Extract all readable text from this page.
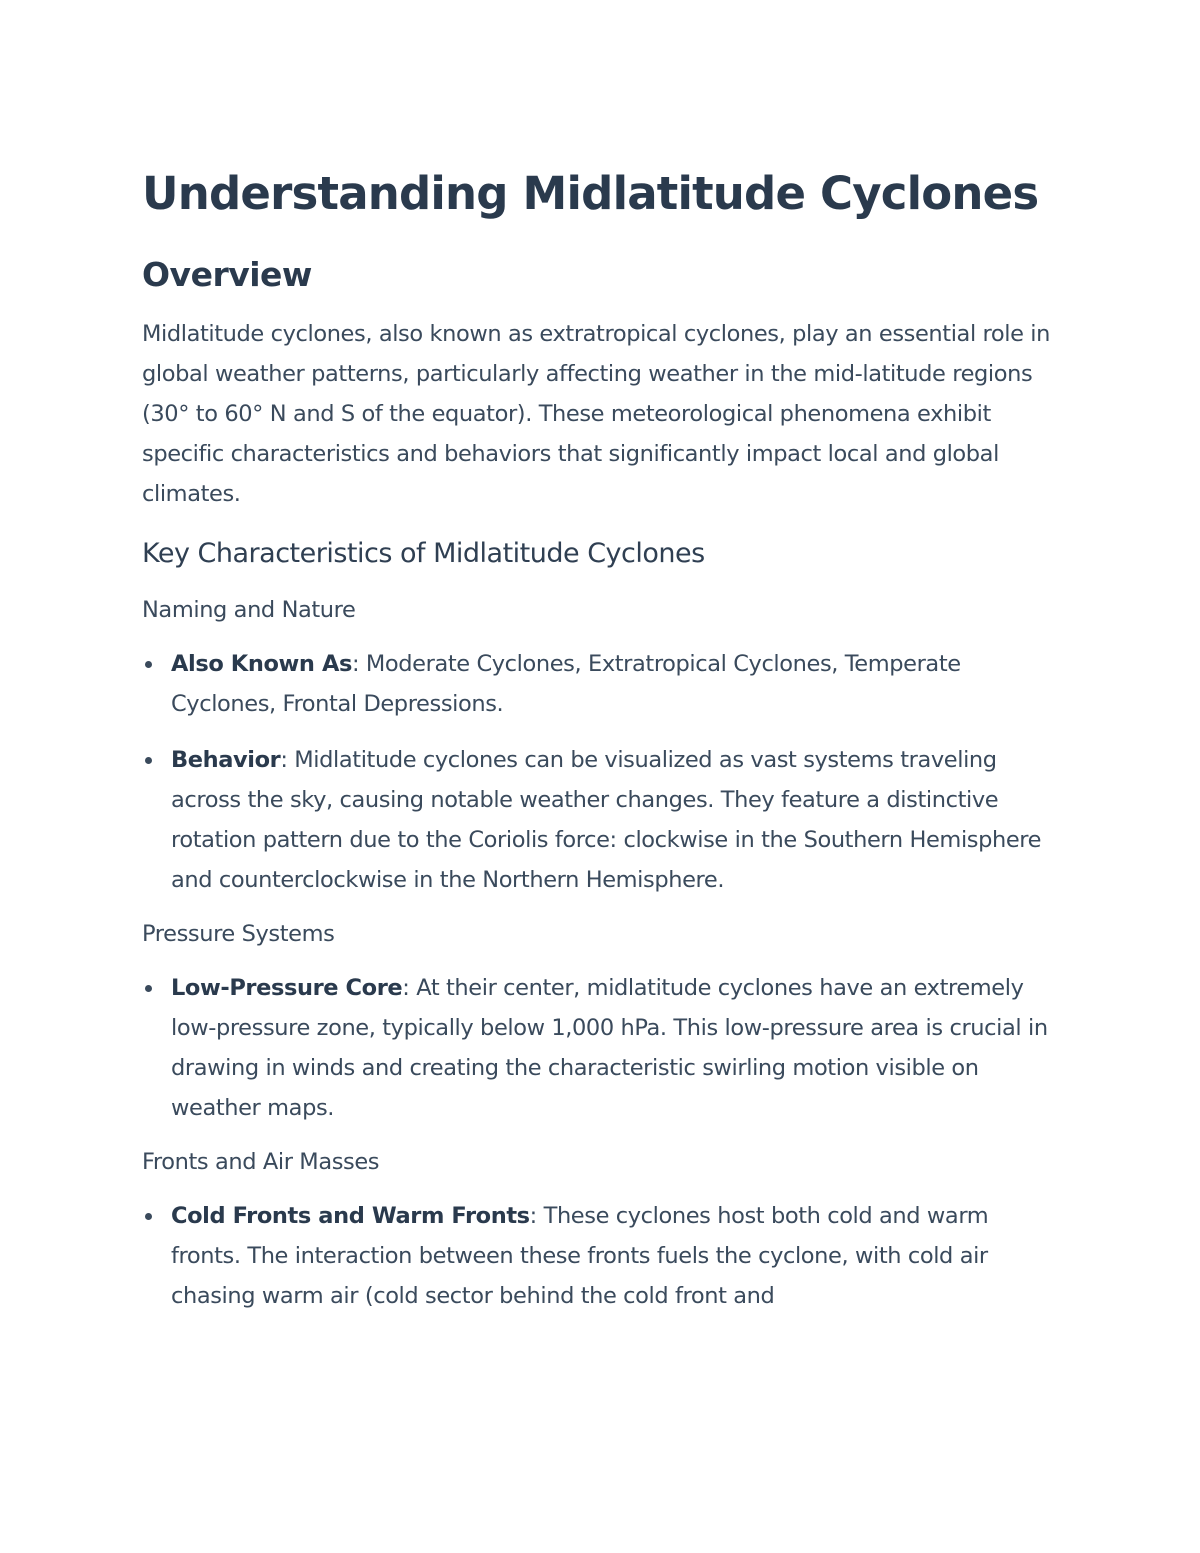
Understanding Midlatitude Cyclones
Overview

Midlatitude cyclones, also known as extratropical cyclones, play an essential role in global weather patterns, particularly affecting weather in the mid-latitude regions (30° to 60° N and S of the equator). These meteorological phenomena exhibit specific characteristics and behaviors that significantly impact local and global climates.

Key Characteristics of Midlatitude Cyclones
Naming and Nature
Also Known As: Moderate Cyclones, Extratropical Cyclones, Temperate Cyclones, Frontal Depressions.
Behavior: Midlatitude cyclones can be visualized as vast systems traveling across the sky, causing notable weather changes. They feature a distinctive rotation pattern due to the Coriolis force: clockwise in the Southern Hemisphere and counterclockwise in the Northern Hemisphere.
Pressure Systems
Low-Pressure Core: At their center, midlatitude cyclones have an extremely low-pressure zone, typically below 1,000 hPa. This low-pressure area is crucial in drawing in winds and creating the characteristic swirling motion visible on weather maps.
Fronts and Air Masses
Cold Fronts and Warm Fronts: These cyclones host both cold and warm fronts. The interaction between these fronts fuels the cyclone, with cold air chasing warm air (cold sector behind the cold front and
